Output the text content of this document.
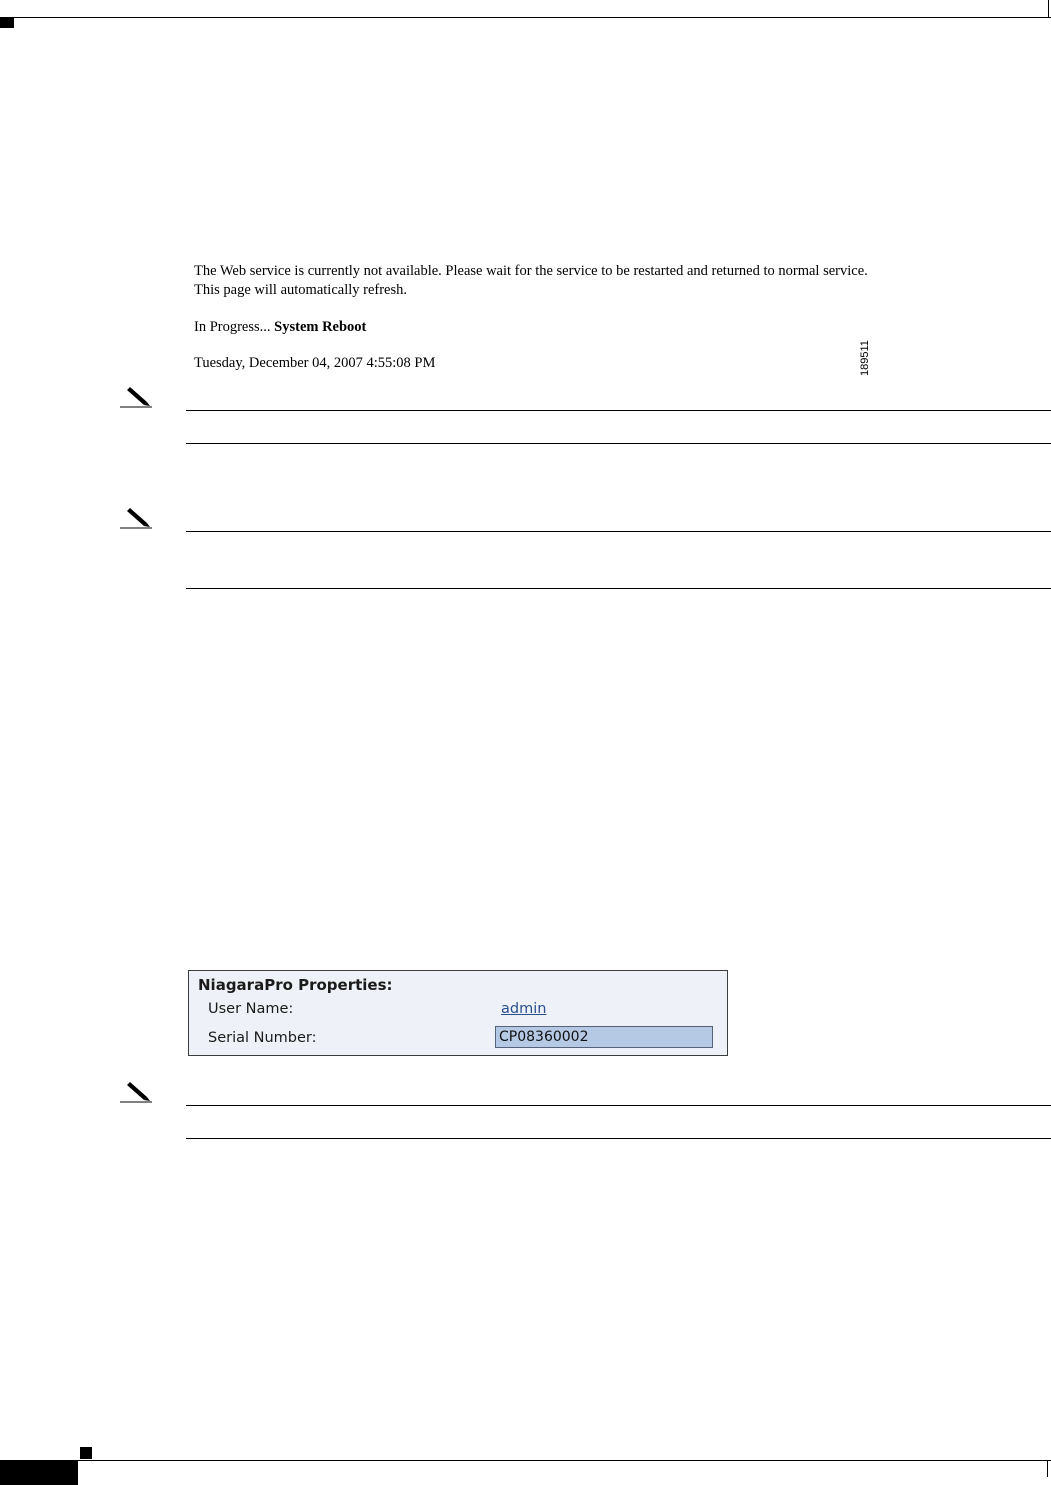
The Web service is currently not available. Please wait for the service to be restarted and returned to normal service.
This page will automatically refresh.
In Progress... System Reboot
Tuesday, December 04, 2007 4:55:08 PM	189511
NiagaraPro Properties:
User Name:	admin
Serial Number:	CP08360002
